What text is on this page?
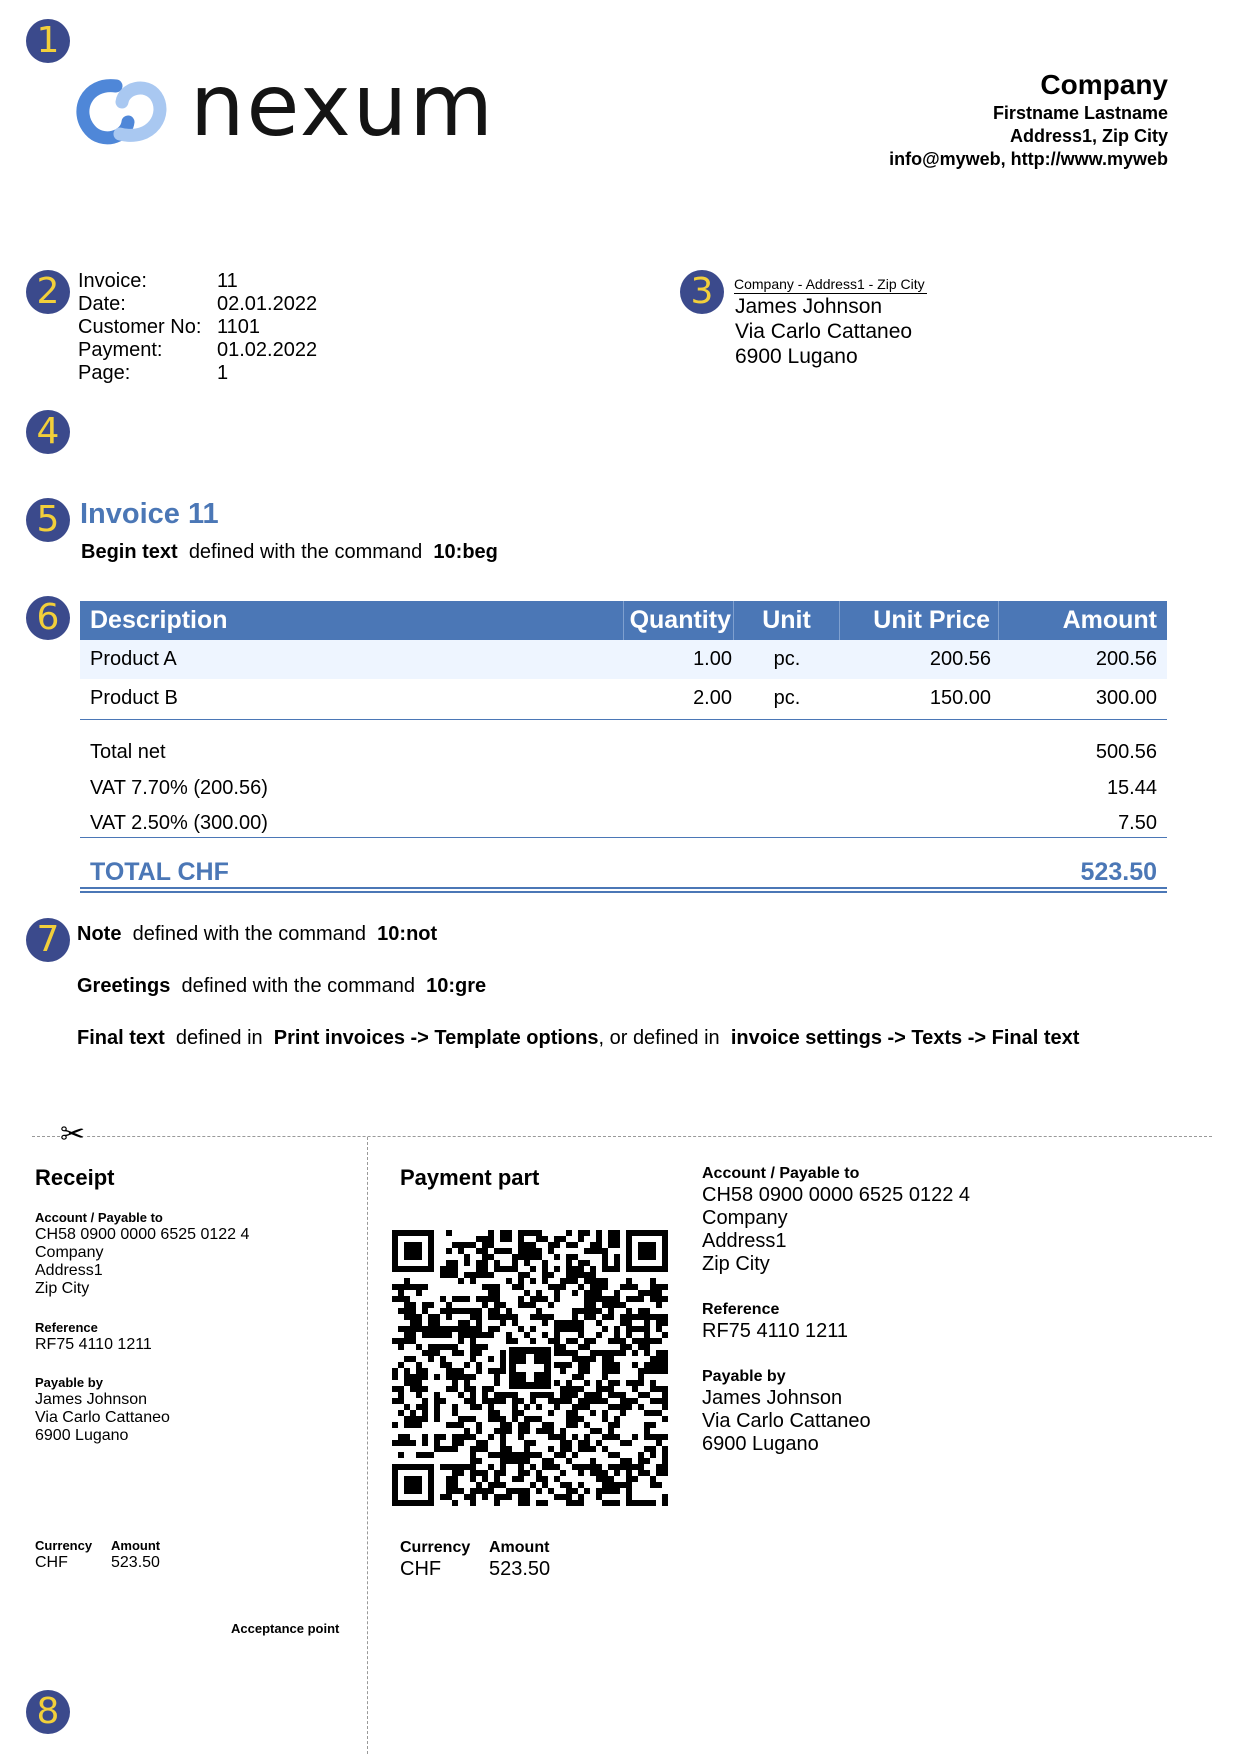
1
2	3
4
5
6
7
8
nexum	Company
Firstname Lastname
Address1, Zip City
info@myweb, http://www.myweb
Invoice:	11
Date:	02.01.2022
Customer No: 1101
Payment:	01.02.2022
Page:	1
Company - Address1 - Zip City
James Johnson
Via Carlo Cattaneo
6900 Lugano
Invoice 11
Begin text defined with the command 10:beg
Description	Quantity	Unit	Unit Price	Amount
Product A	1.00	pc.	200.56	200.56
Product B	2.00	pc.	150.00	300.00
Total net	500.56
VAT 7.70% (200.56)	15.44
VAT 2.50% (300.00)	7.50
TOTAL CHF	523.50
Note defined with the command 10:not
Greetings defined with the command 10:gre
Final text defined in Print invoices -> Template options, or defined in invoice settings -> Texts -> Final text
✂
Receipt
Account / Payable to
CH58 0900 0000 6525 0122 4
Company
Address1
Zip City
Reference
RF75 4110 1211
Payable by
James Johnson
Via Carlo Cattaneo
6900 Lugano
Currency
CHF
Amount
523.50
Acceptance point
Payment part
Currency
CHF
Amount
523.50
Account / Payable to
CH58 0900 0000 6525 0122 4
Company
Address1
Zip City
Reference
RF75 4110 1211
Payable by
James Johnson
Via Carlo Cattaneo
6900 Lugano
